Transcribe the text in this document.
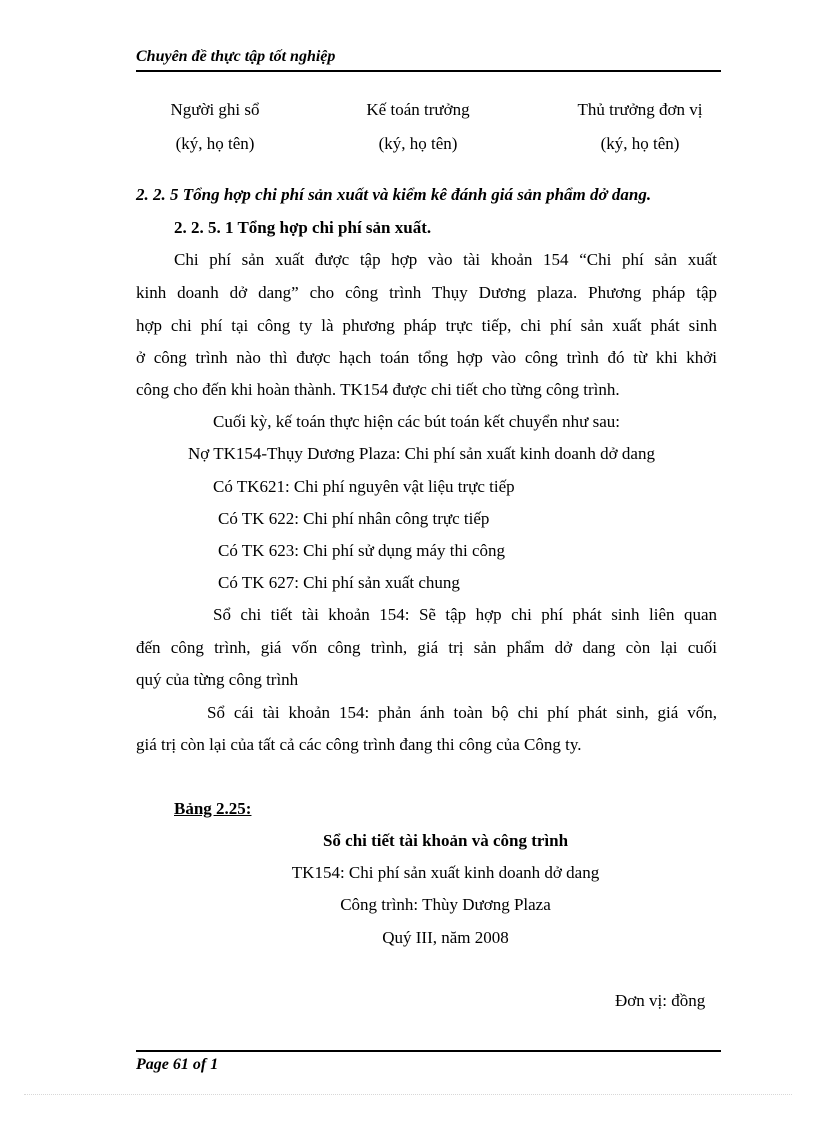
Chuyên đề thực tập tốt nghiệp
Người ghi sổ
(ký, họ tên)
Kế toán trưởng
(ký, họ tên)
Thủ trưởng đơn vị
(ký, họ tên)
2. 2. 5 Tổng hợp chi phí sản xuất và kiểm kê đánh giá sản phẩm dở dang.
2. 2. 5. 1 Tổng hợp chi phí sản xuất.
Chi phí sản xuất được tập hợp vào tài khoản 154 “Chi phí sản xuất
kinh doanh dở dang” cho công trình Thụy Dương plaza. Phương pháp tập
hợp chi phí tại công ty là phương pháp trực tiếp, chi phí sản xuất phát sinh
ở công trình nào thì được hạch toán tổng hợp vào công trình đó từ khi khởi
công cho đến khi hoàn thành. TK154 được chi tiết cho từng công trình.
Cuối kỳ, kế toán thực hiện các bút toán kết chuyển như sau:
Nợ TK154-Thụy Dương Plaza: Chi phí sản xuất kinh doanh dở dang
Có TK621: Chi phí nguyên vật liệu trực tiếp
Có TK 622: Chi phí nhân công trực tiếp
Có TK 623: Chi phí sử dụng máy thi công
Có TK 627: Chi phí sản xuất chung
Sổ chi tiết tài khoản 154: Sẽ tập hợp chi phí phát sinh liên quan
đến công trình, giá vốn công trình, giá trị sản phẩm dở dang còn lại cuối
quý của từng công trình
Sổ cái tài khoản 154: phản ánh toàn bộ chi phí phát sinh, giá vốn,
giá trị còn lại của tất cả các công trình đang thi công của Công ty.
Bảng 2.25:
Sổ chi tiết tài khoản và công trình
TK154: Chi phí sản xuất kinh doanh dở dang
Công trình: Thùy Dương Plaza
Quý III, năm 2008
Đơn vị: đồng
Page 61 of 1
